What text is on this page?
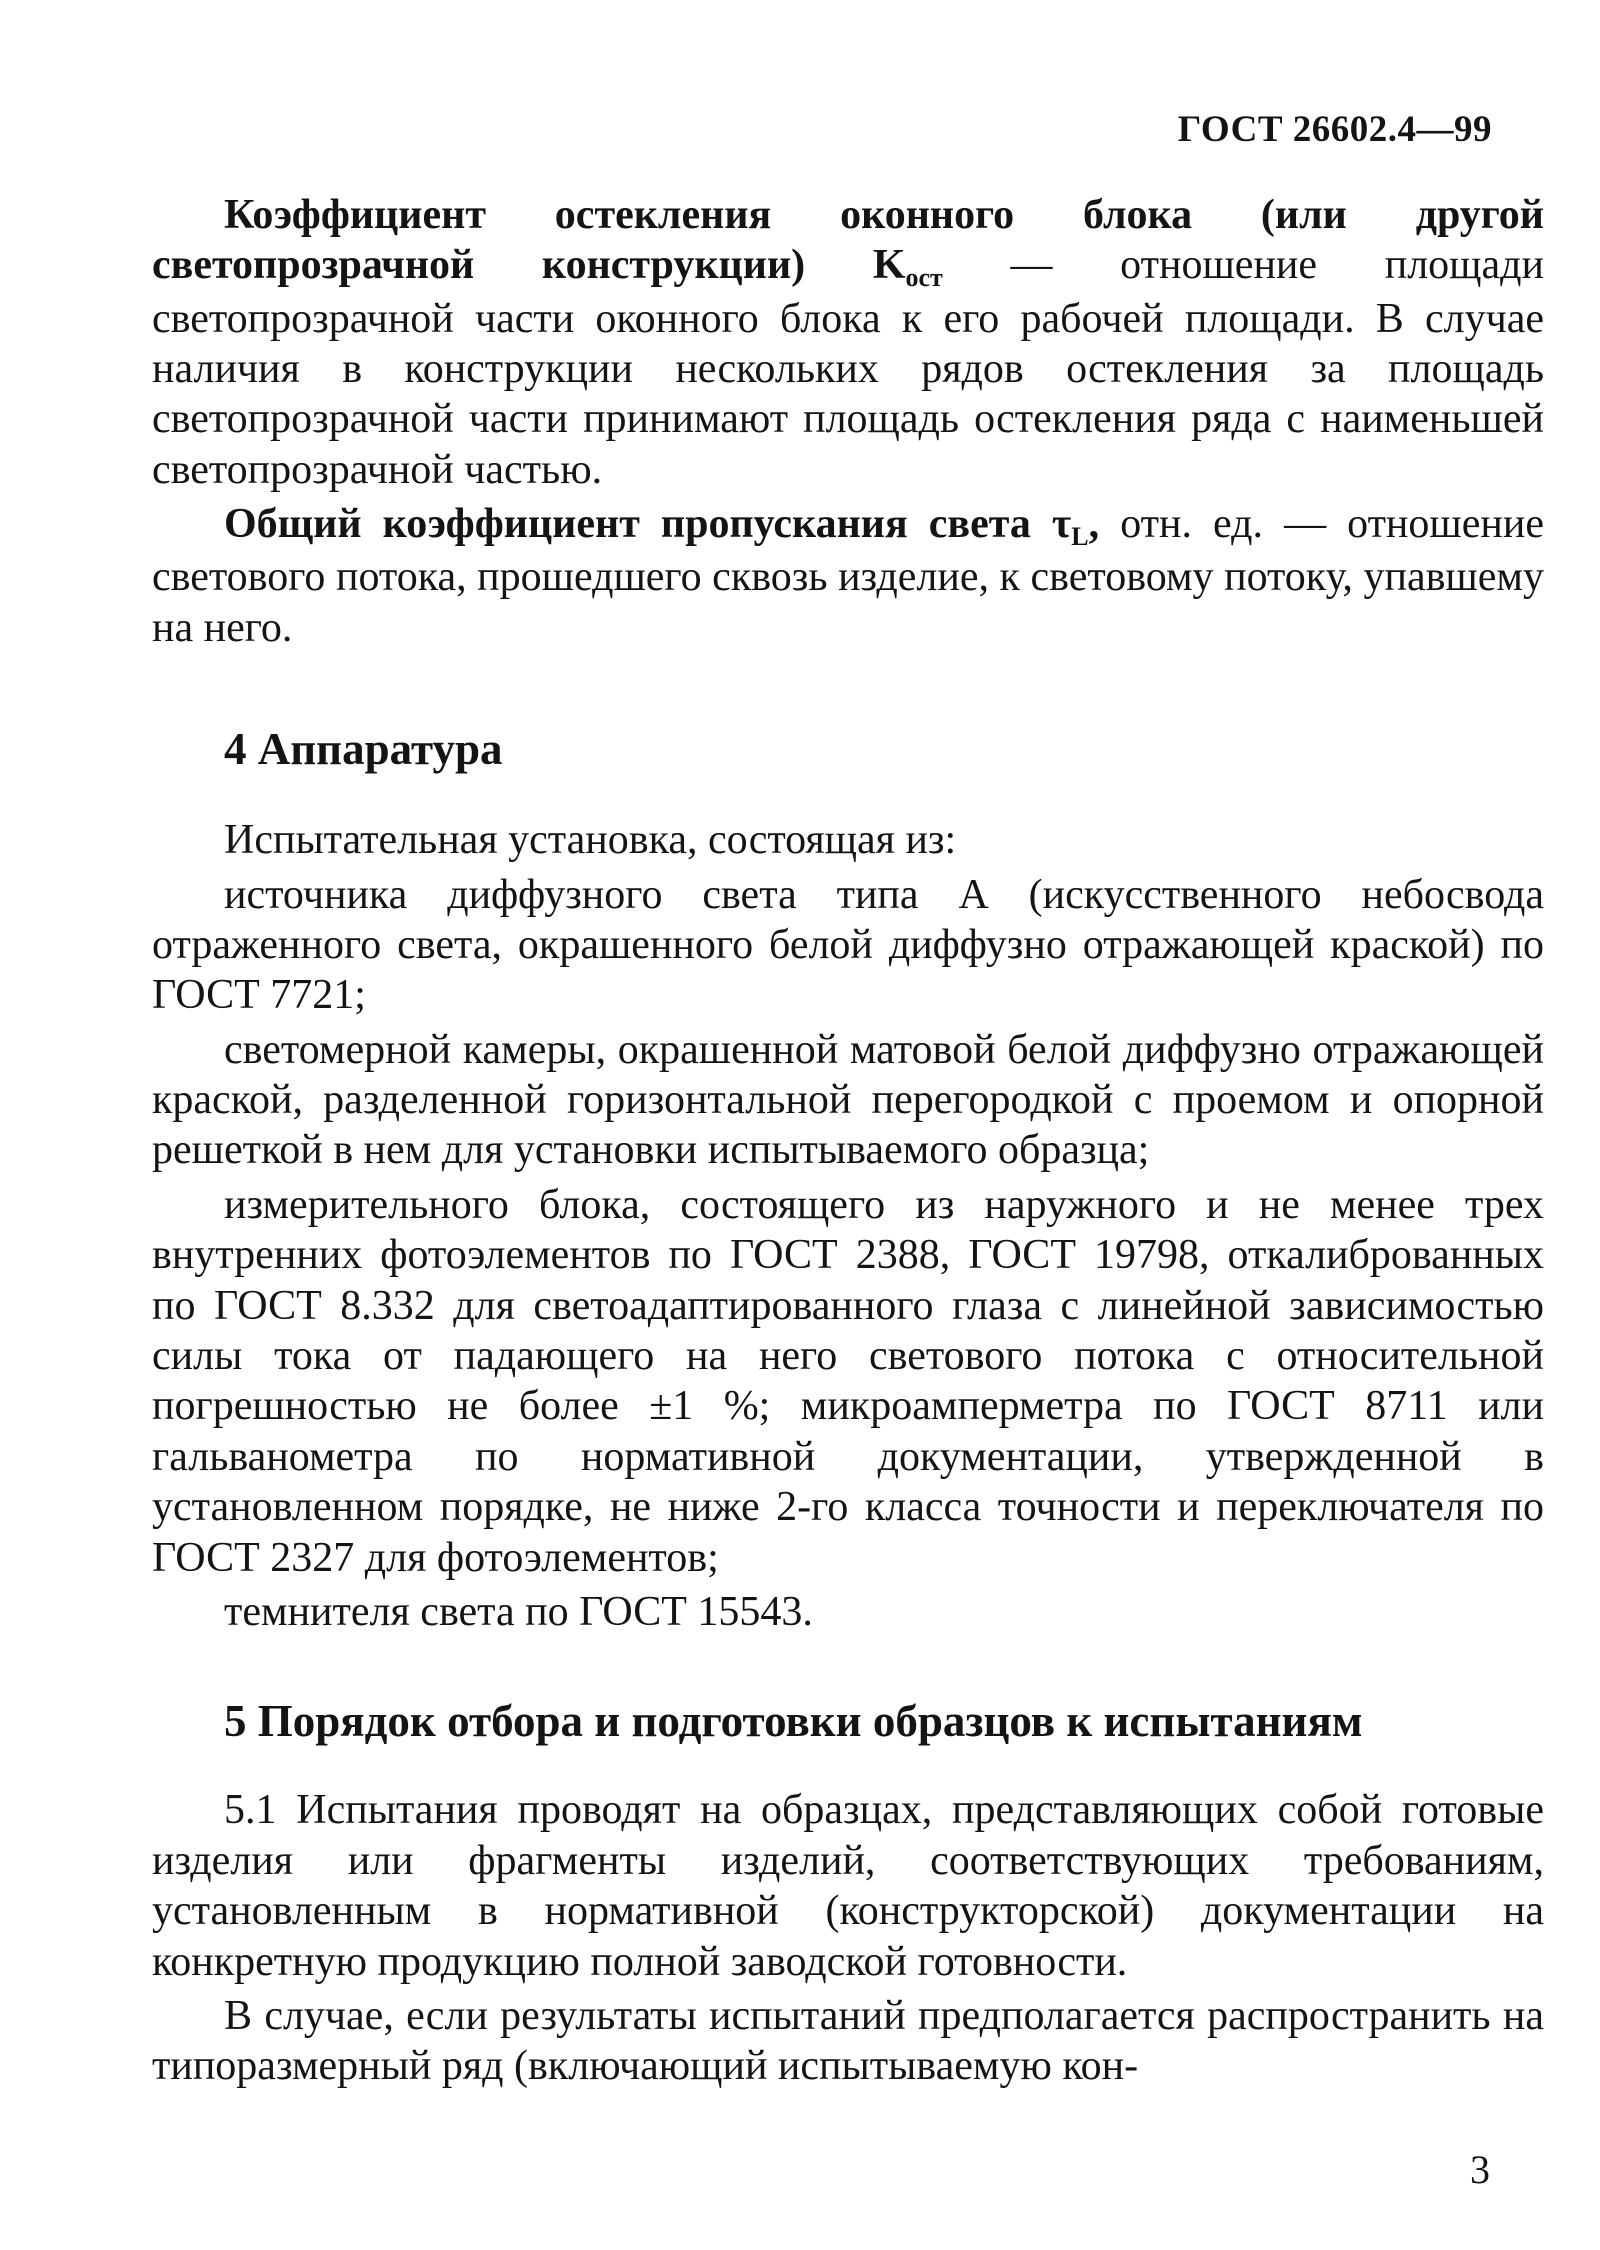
ГОСТ 26602.4—99

Коэффициент остекления оконного блока (или другой светопрозрачной конструкции) $K_{ост}$ — отношение площади светопрозрачной части оконного блока к его рабочей площади. В случае наличия в конструкции нескольких рядов остекления за площадь светопрозрачной части принимают площадь остекления ряда с наименьшей светопрозрачной частью.

Общий коэффициент пропускания света $\tau_L$, отн. ед. — отношение светового потока, прошедшего сквозь изделие, к световому потоку, упавшему на него.

4 Аппаратура

Испытательная установка, состоящая из:

источника диффузного света типа А (искусственного небосвода отраженного света, окрашенного белой диффузно отражающей краской) по ГОСТ 7721;

светомерной камеры, окрашенной матовой белой диффузно отражающей краской, разделенной горизонтальной перегородкой с проемом и опорной решеткой в нем для установки испытываемого образца;

измерительного блока, состоящего из наружного и не менее трех внутренних фотоэлементов по ГОСТ 2388, ГОСТ 19798, откалиброванных по ГОСТ 8.332 для светоадаптированного глаза с линейной зависимостью силы тока от падающего на него светового потока с относительной погрешностью не более ±1 %; микроамперметра по ГОСТ 8711 или гальванометра по нормативной документации, утвержденной в установленном порядке, не ниже 2-го класса точности и переключателя по ГОСТ 2327 для фотоэлементов;

темнителя света по ГОСТ 15543.

5 Порядок отбора и подготовки образцов к испытаниям

5.1 Испытания проводят на образцах, представляющих собой готовые изделия или фрагменты изделий, соответствующих требованиям, установленным в нормативной (конструкторской) документации на конкретную продукцию полной заводской готовности.

В случае, если результаты испытаний предполагается распространить на типоразмерный ряд (включающий испытываемую кон-

3
